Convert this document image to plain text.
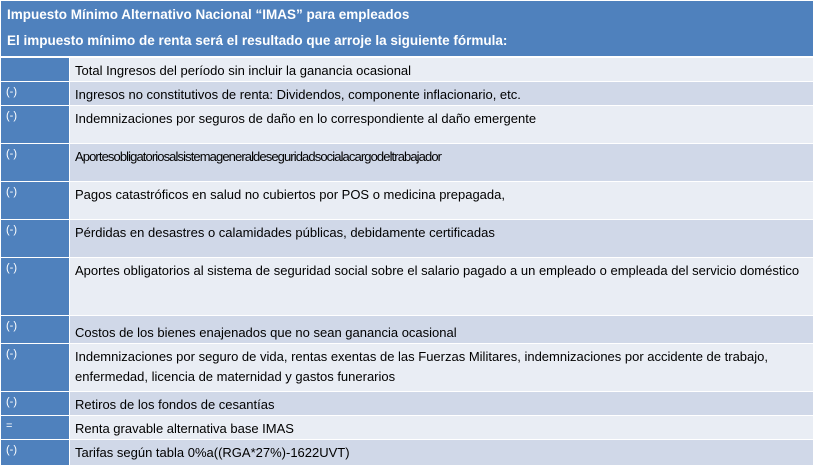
Impuesto Mínimo Alternativo Nacional “IMAS” para empleados
El impuesto mínimo de renta será el resultado que arroje la siguiente fórmula:
	Total Ingresos del período sin incluir la ganancia ocasional
(-)	Ingresos no constitutivos de renta: Dividendos, componente inflacionario, etc.
(-)	Indemnizaciones por seguros de daño en lo correspondiente al daño emergente
(-)	Aportesobligatoriosalsistemageneraldeseguridadsocialacargodeltrabajador
(-)	Pagos catastróficos en salud no cubiertos por POS o medicina prepagada,
(-)	Pérdidas en desastres o calamidades públicas, debidamente certificadas
(-)	Aportes obligatorios al sistema de seguridad social sobre el salario pagado a un empleado o empleada del servicio doméstico
(-)	Costos de los bienes enajenados que no sean ganancia ocasional
(-)	Indemnizaciones por seguro de vida, rentas exentas de las Fuerzas Militares, indemnizaciones por accidente de trabajo, enfermedad, licencia de maternidad y gastos funerarios
(-)	Retiros de los fondos de cesantías
=	Renta gravable alternativa base IMAS
(-)	Tarifas según tabla 0%a((RGA*27%)-1622UVT)
